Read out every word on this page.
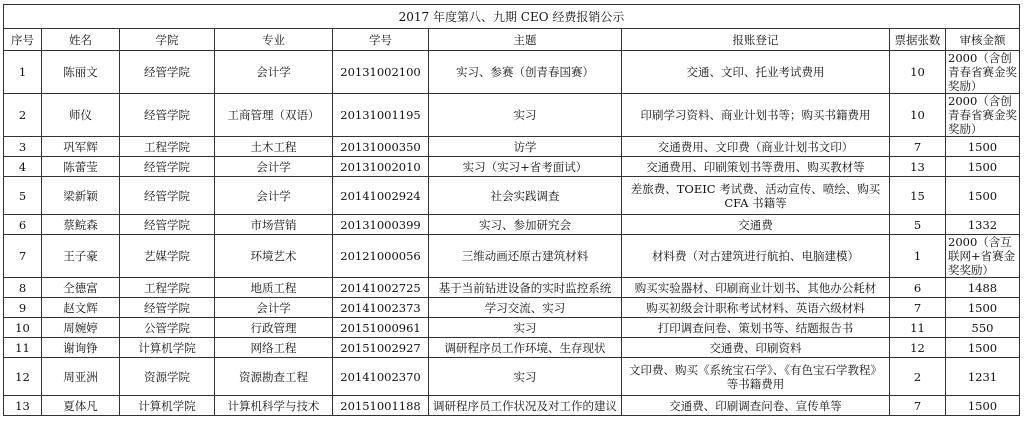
2017 年度第八、九期 CEO 经费报销公示								
序号	姓名	学院	专业	学号	主题	报账登记	票据张数	审核金额
1	陈丽文	经管学院	会计学	20131002100	实习、参赛（创青春国赛）	交通、文印、托业考试费用	10	2000（含创青春省赛金奖奖励）
2	师仪	经管学院	工商管理（双语）	20131001195	实习	印刷学习资料、商业计划书等；购买书籍费用	10	2000（含创青春省赛金奖奖励）
3	巩军辉	工程学院	土木工程	20131000350	访学	交通费用、文印费（商业计划书文印）	7	1500
4	陈蕾莹	经管学院	会计学	20131002010	实习（实习+省考面试）	交通费用、印刷策划书等费用、购买教材等	13	1500
5	梁新颖	经管学院	会计学	20141002924	社会实践调查	差旅费、TOEIC 考试费、活动宣传、喷绘、购买 CFA 书籍等	15	1500
6	蔡鲩森	经管学院	市场营销	20131000399	实习、参加研究会	交通费	5	1332
7	王子豪	艺媒学院	环境艺术	20121000056	三维动画还原古建筑材料	材料费（对古建筑进行航拍、电脑建模）	1	2000（含互联网+省赛金奖奖励）
8	仝德富	工程学院	地质工程	20141002725	基于当前钻进设备的实时监控系统	购买实验器材、印刷商业计划书、其他办公耗材	6	1488
9	赵文辉	经管学院	会计学	20141002373	学习交流、实习	购买初级会计职称考试材料、英语六级材料	7	1500
10	周婉婷	公管学院	行政管理	20151000961	实习	打印调查问卷、策划书等、结题报告书	11	550
11	谢询铮	计算机学院	网络工程	20151002927	调研程序员工作环境、生存现状	交通费、印刷资料	12	1500
12	周亚洲	资源学院	资源勘查工程	20141002370	实习	文印费、购买《系统宝石学》、《有色宝石学教程》等书籍费用	2	1231
13	夏体凡	计算机学院	计算机科学与技术	20151001188	调研程序员工作状况及对工作的建议	交通费、印刷调查问卷、宣传单等	7	1500
